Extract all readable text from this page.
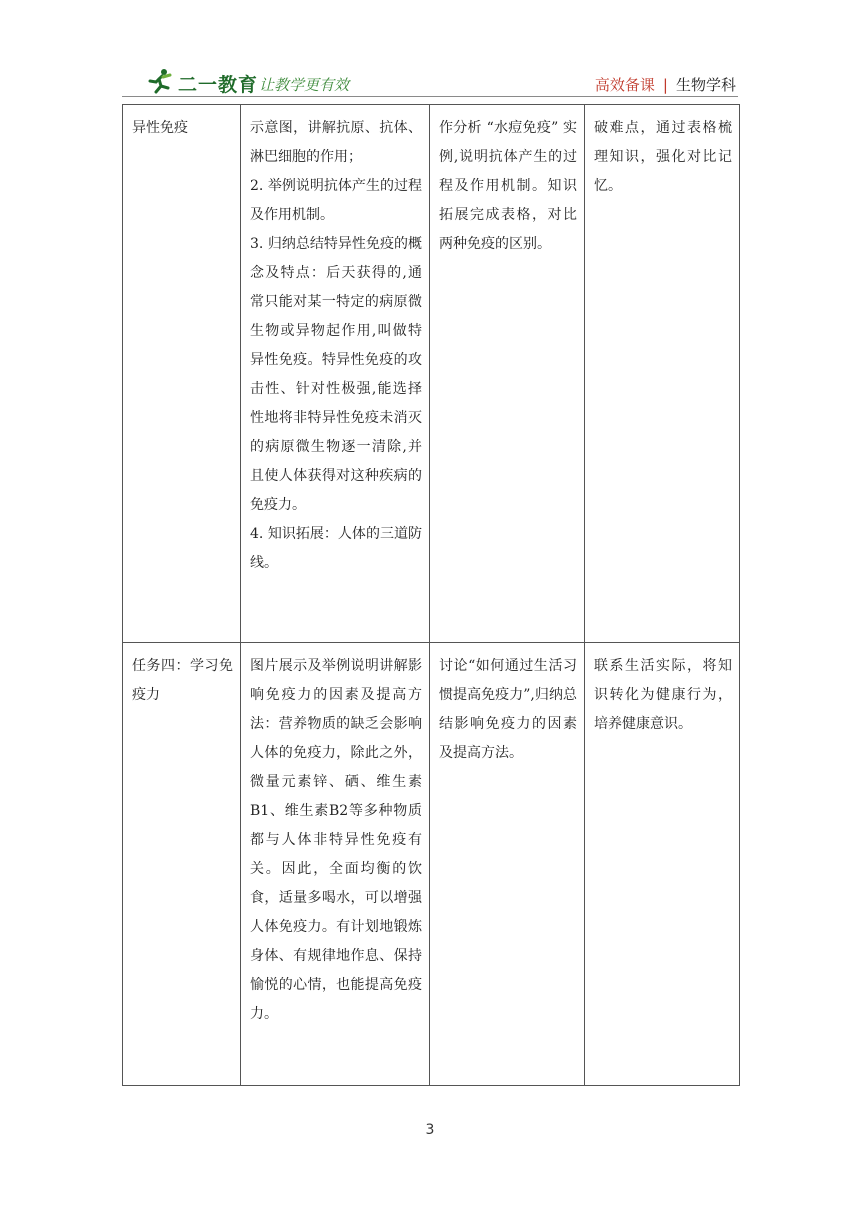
二一教育 让教学更有效	高效备课 | 生物学科
异性免疫	示意图，讲解抗原、抗体、淋巴细胞的作用；

2. 举例说明抗体产生的过程及作用机制。

3. 归纳总结特异性免疫的概念及特点：后天获得的,通常只能对某一特定的病原微生物或异物起作用,叫做特异性免疫。特异性免疫的攻击性、针对性极强,能选择性地将非特异性免疫未消灭的病原微生物逐一清除,并且使人体获得对这种疾病的免疫力。

4. 知识拓展：人体的三道防线。	作分析 “水痘免疫” 实例,说明抗体产生的过程及作用机制。知识拓展完成表格，对比两种免疫的区别。	破难点，通过表格梳理知识，强化对比记忆。
任务四：学习免疫力	图片展示及举例说明讲解影响免疫力的因素及提高方法：营养物质的缺乏会影响人体的免疫力，除此之外，微量元素锌、硒、维生素B1、维生素B2等多种物质都与人体非特异性免疫有关。因此，全面均衡的饮食，适量多喝水，可以增强人体免疫力。有计划地锻炼身体、有规律地作息、保持愉悦的心情，也能提高免疫力。	讨论“如何通过生活习惯提高免疫力”,归纳总结影响免疫力的因素及提高方法。	联系生活实际，将知识转化为健康行为，培养健康意识。
3
